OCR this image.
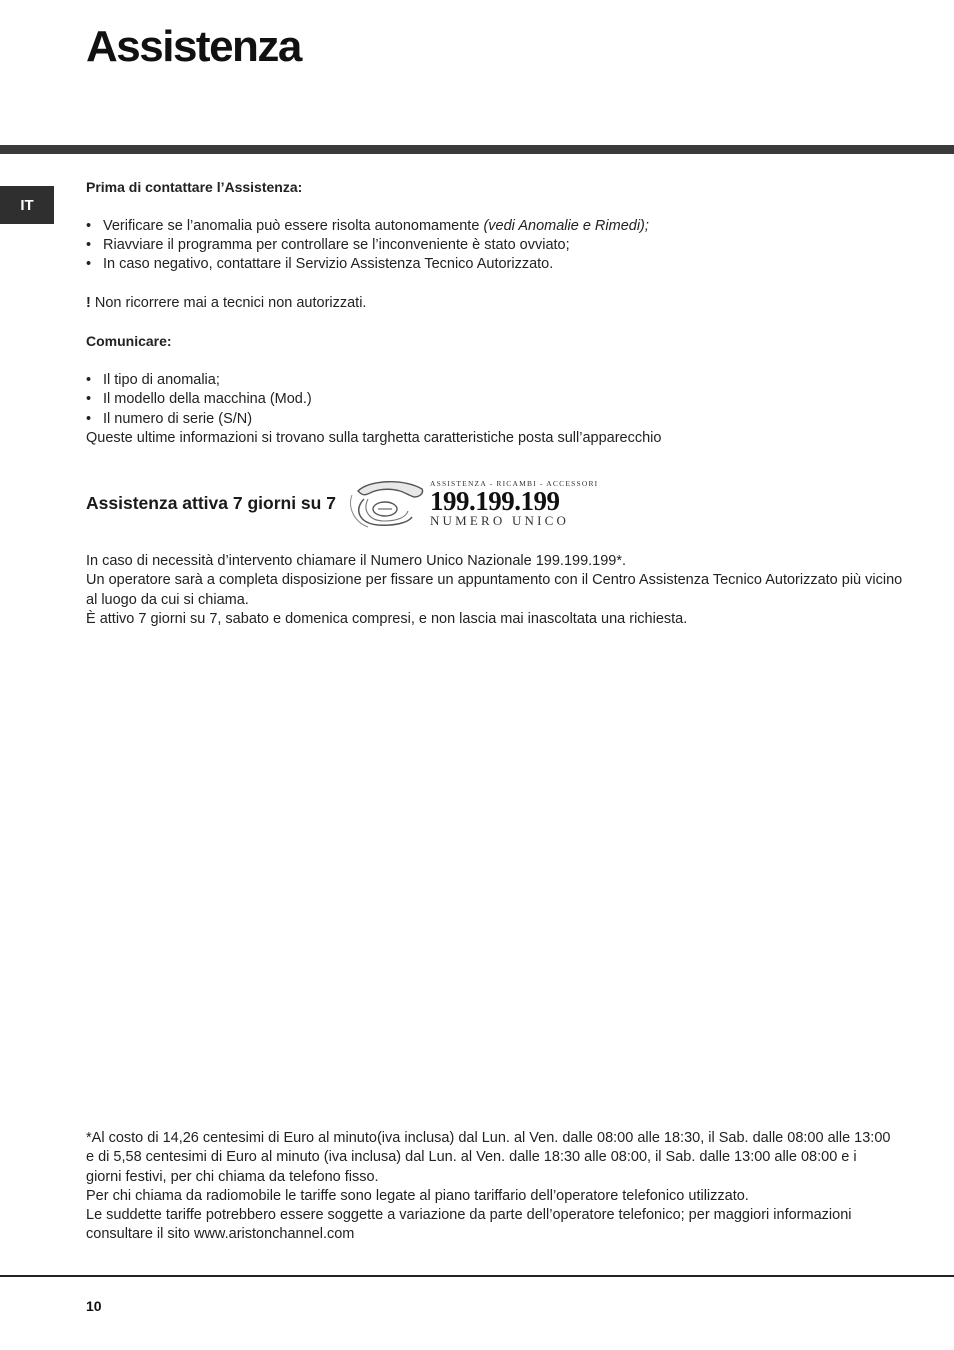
Assistenza
IT

Prima di contattare l’Assistenza:

• Verificare se l’anomalia può essere risolta autonomamente (vedi Anomalie e Rimedi);
• Riavviare il programma per controllare se l’inconveniente è stato ovviato;
• In caso negativo, contattare il Servizio Assistenza Tecnico Autorizzato.

! Non ricorrere mai a tecnici non autorizzati.

Comunicare:

• Il tipo di anomalia;
• Il modello della macchina (Mod.)
• Il numero di serie (S/N)

Queste ultime informazioni si trovano sulla targhetta caratteristiche posta sull’apparecchio

Assistenza attiva 7 giorni su 7
ASSISTENZA - RICAMBI - ACCESSORI
199.199.199
NUMERO UNICO

In caso di necessità d’intervento chiamare il Numero Unico Nazionale 199.199.199*.

Un operatore sarà a completa disposizione per fissare un appuntamento con il Centro Assistenza Tecnico Autorizzato più vicino al luogo da cui si chiama.

È attivo 7 giorni su 7, sabato e domenica compresi, e non lascia mai inascoltata una richiesta.

*Al costo di 14,26 centesimi di Euro al minuto(iva inclusa) dal Lun. al Ven. dalle 08:00 alle 18:30, il Sab. dalle 08:00 alle 13:00 e di 5,58 centesimi di Euro al minuto (iva inclusa) dal Lun. al Ven. dalle 18:30 alle 08:00, il Sab. dalle 13:00 alle 08:00 e i giorni festivi, per chi chiama da telefono fisso.

Per chi chiama da radiomobile le tariffe sono legate al piano tariffario dell’operatore telefonico utilizzato.

Le suddette tariffe potrebbero essere soggette a variazione da parte dell’operatore telefonico; per maggiori informazioni consultare il sito www.aristonchannel.com

10
